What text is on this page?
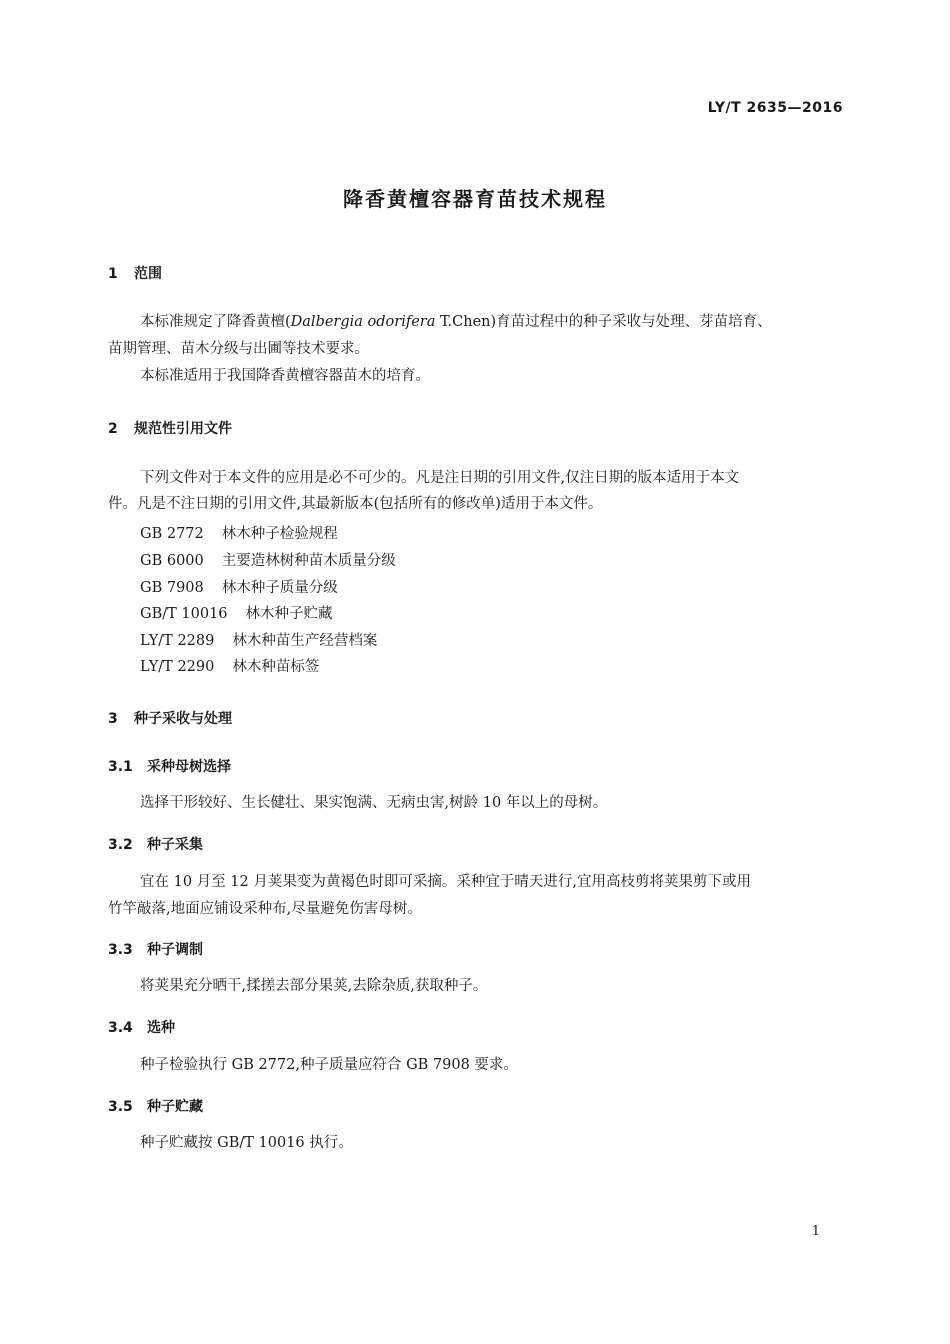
LY/T 2635—2016
降香黄檀容器育苗技术规程
1 范围
本标准规定了降香黄檀(Dalbergia odorifera T.Chen)育苗过程中的种子采收与处理、芽苗培育、
苗期管理、苗木分级与出圃等技术要求。
本标准适用于我国降香黄檀容器苗木的培育。
2 规范性引用文件
下列文件对于本文件的应用是必不可少的。凡是注日期的引用文件,仅注日期的版本适用于本文
件。凡是不注日期的引用文件,其最新版本(包括所有的修改单)适用于本文件。
GB 2772 林木种子检验规程
GB 6000 主要造林树种苗木质量分级
GB 7908 林木种子质量分级
GB/T 10016 林木种子贮藏
LY/T 2289 林木种苗生产经营档案
LY/T 2290 林木种苗标签
3 种子采收与处理
3.1 采种母树选择
选择干形较好、生长健壮、果实饱满、无病虫害,树龄 10 年以上的母树。
3.2 种子采集
宜在 10 月至 12 月荚果变为黄褐色时即可采摘。采种宜于晴天进行,宜用高枝剪将荚果剪下或用
竹竿敲落,地面应铺设采种布,尽量避免伤害母树。
3.3 种子调制
将荚果充分晒干,揉搓去部分果荚,去除杂质,获取种子。
3.4 选种
种子检验执行 GB 2772,种子质量应符合 GB 7908 要求。
3.5 种子贮藏
种子贮藏按 GB/T 10016 执行。
1
